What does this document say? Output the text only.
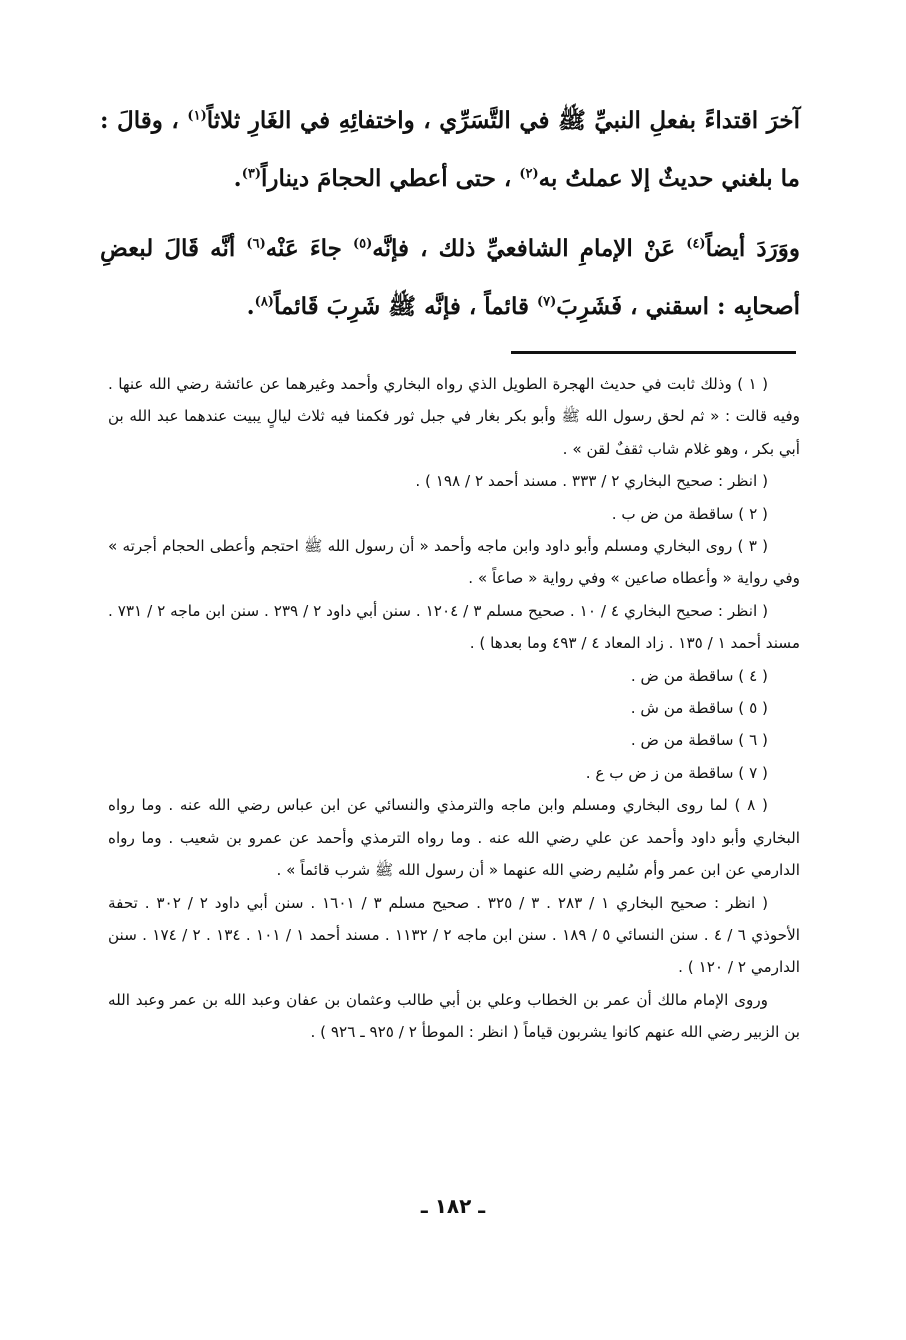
آخرَ اقتداءً بفعلِ النبيِّ ﷺ في التَّسَرِّي ، واختفائِهِ في الغَارِ ثلاثاً$^{(١)}$ ، وقالَ : ما بلغني حديثٌ إلا عملتُ به$^{(٢)}$ ، حتى أعطي الحجامَ ديناراً$^{(٣)}$.

ووَرَدَ أيضاً$^{(٤)}$ عَنْ الإمامِ الشافعيِّ ذلك ، فإنَّه$^{(٥)}$ جاءَ عَنْه$^{(٦)}$ أنَّه قَالَ لبعضِ أصحابِه : اسقني ، فَشَرِبَ$^{(٧)}$ قائماً ، فإنَّه ﷺ شَرِبَ قَائماً$^{(٨)}$.

( ١ ) وذلك ثابت في حديث الهجرة الطويل الذي رواه البخاري وأحمد وغيرهما عن عائشة رضي الله عنها . وفيه قالت : « ثم لحق رسول الله ﷺ وأبو بكر بغار في جبل ثور فكمنا فيه ثلاث ليالٍ يبيت عندهما عبد الله بن أبي بكر ، وهو غلام شاب ثقفٌ لقن » .

( انظر : صحيح البخاري ٢ / ٣٣٣ . مسند أحمد ٢ / ١٩٨ ) .

( ٢ ) ساقطة من ض ب .

( ٣ ) روى البخاري ومسلم وأبو داود وابن ماجه وأحمد « أن رسول الله ﷺ احتجم وأعطى الحجام أجرته » وفي رواية « وأعطاه صاعين » وفي رواية « صاعاً » .

( انظر : صحيح البخاري ٤ / ١٠ . صحيح مسلم ٣ / ١٢٠٤ . سنن أبي داود ٢ / ٢٣٩ . سنن ابن ماجه ٢ / ٧٣١ . مسند أحمد ١ / ١٣٥ . زاد المعاد ٤ / ٤٩٣ وما بعدها ) .

( ٤ ) ساقطة من ض .

( ٥ ) ساقطة من ش .

( ٦ ) ساقطة من ض .

( ٧ ) ساقطة من ز ض ب ع .

( ٨ ) لما روى البخاري ومسلم وابن ماجه والترمذي والنسائي عن ابن عباس رضي الله عنه . وما رواه البخاري وأبو داود وأحمد عن علي رضي الله عنه . وما رواه الترمذي وأحمد عن عمرو بن شعيب . وما رواه الدارمي عن ابن عمر وأم سُليم رضي الله عنهما « أن رسول الله ﷺ شرب قائماً » .

( انظر : صحيح البخاري ١ / ٢٨٣ . ٣ / ٣٢٥ . صحيح مسلم ٣ / ١٦٠١ . سنن أبي داود ٢ / ٣٠٢ . تحفة الأحوذي ٦ / ٤ . سنن النسائي ٥ / ١٨٩ . سنن ابن ماجه ٢ / ١١٣٢ . مسند أحمد ١ / ١٠١ . ١٣٤ . ٢ / ١٧٤ . سنن الدارمي ٢ / ١٢٠ ) .

وروى الإمام مالك أن عمر بن الخطاب وعلي بن أبي طالب وعثمان بن عفان وعبد الله بن عمر وعبد الله بن الزبير رضي الله عنهم كانوا يشربون قياماً ( انظر : الموطأ ٢ / ٩٢٥ ـ ٩٢٦ ) .

ـ ١٨٢ ـ
